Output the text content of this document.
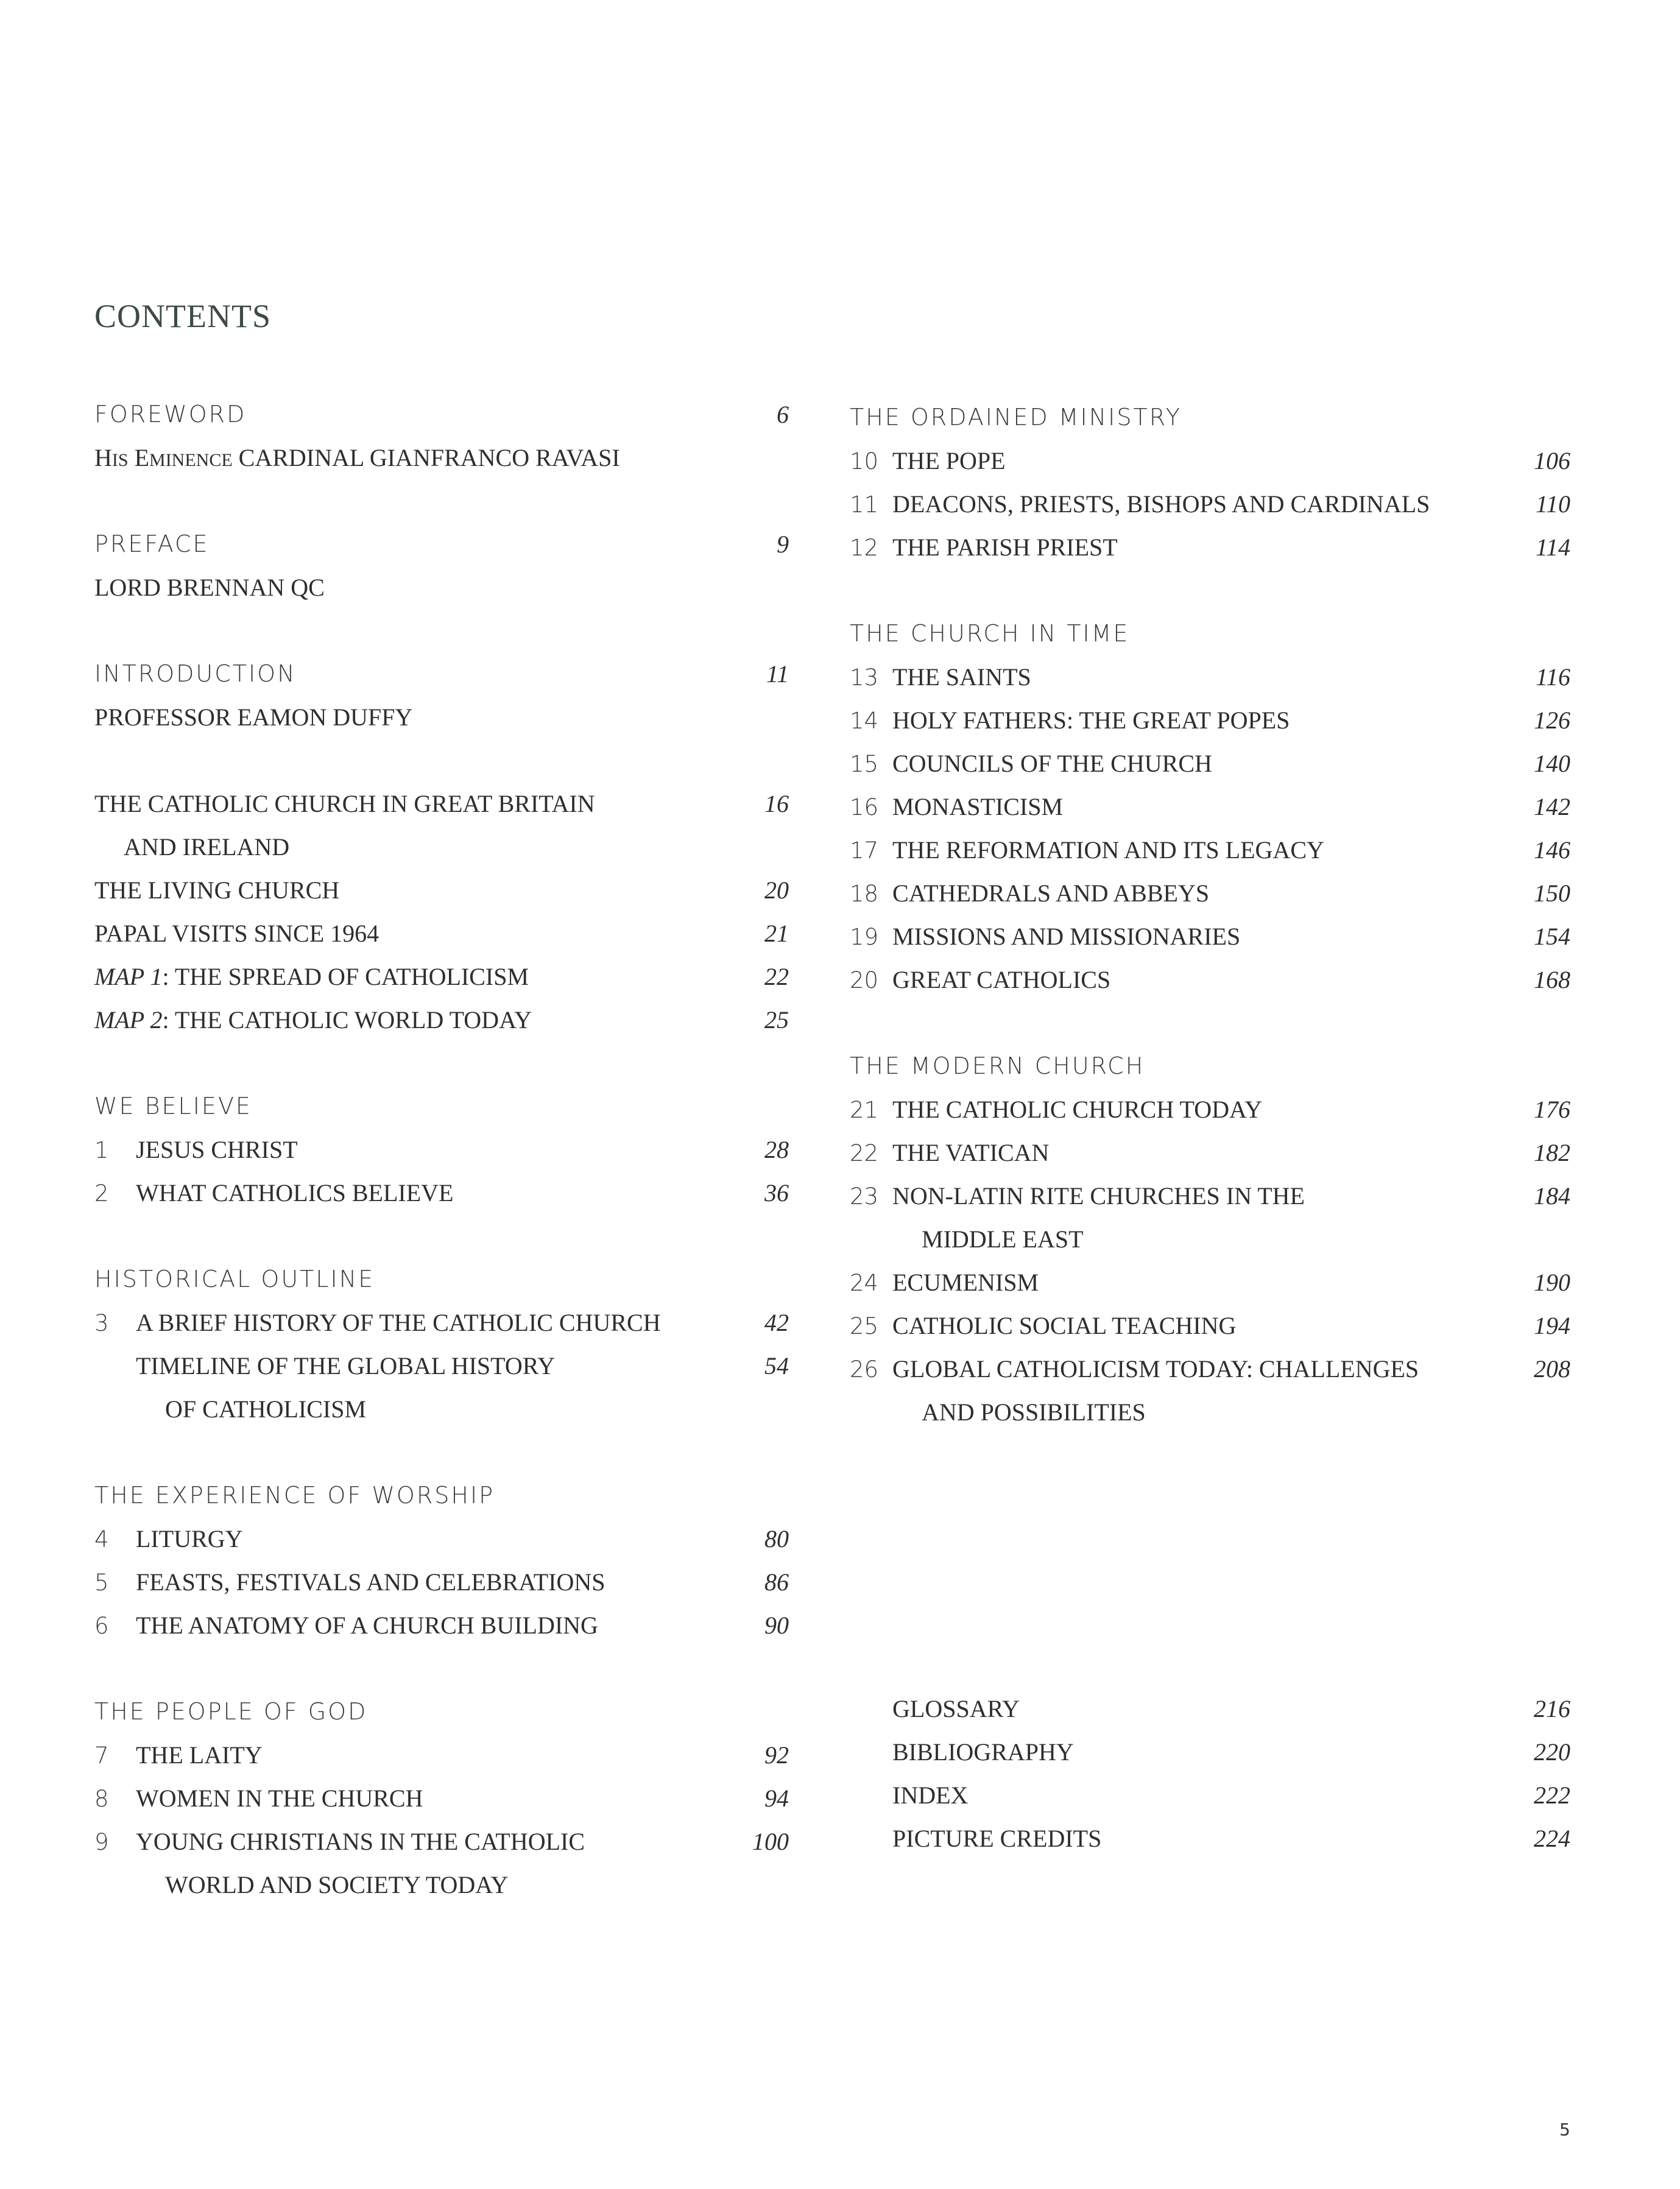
CONTENTS
FOREWORD	6
HIS EMINENCE CARDINAL GIANFRANCO RAVASI
PREFACE	9
LORD BRENNAN QC
INTRODUCTION	11
PROFESSOR EAMON DUFFY
THE CATHOLIC CHURCH IN GREAT BRITAIN	16
AND IRELAND
THE LIVING CHURCH	20
PAPAL VISITS SINCE 1964	21
MAP 1: THE SPREAD OF CATHOLICISM	22
MAP 2: THE CATHOLIC WORLD TODAY	25
WE BELIEVE
1 JESUS CHRIST	28
2 WHAT CATHOLICS BELIEVE	36
HISTORICAL OUTLINE
3 A BRIEF HISTORY OF THE CATHOLIC CHURCH	42
TIMELINE OF THE GLOBAL HISTORY	54
OF CATHOLICISM
THE EXPERIENCE OF WORSHIP
4 LITURGY	80
5 FEASTS, FESTIVALS AND CELEBRATIONS	86
6 THE ANATOMY OF A CHURCH BUILDING	90
THE PEOPLE OF GOD
7 THE LAITY	92
8 WOMEN IN THE CHURCH	94
9 YOUNG CHRISTIANS IN THE CATHOLIC	100
WORLD AND SOCIETY TODAY
THE ORDAINED MINISTRY
10 THE POPE	106
11 DEACONS, PRIESTS, BISHOPS AND CARDINALS	110
12 THE PARISH PRIEST	114
THE CHURCH IN TIME
13 THE SAINTS	116
14 HOLY FATHERS: THE GREAT POPES	126
15 COUNCILS OF THE CHURCH	140
16 MONASTICISM	142
17 THE REFORMATION AND ITS LEGACY	146
18 CATHEDRALS AND ABBEYS	150
19 MISSIONS AND MISSIONARIES	154
20 GREAT CATHOLICS	168
THE MODERN CHURCH
21 THE CATHOLIC CHURCH TODAY	176
22 THE VATICAN	182
23 NON-LATIN RITE CHURCHES IN THE	184
MIDDLE EAST
24 ECUMENISM	190
25 CATHOLIC SOCIAL TEACHING	194
26 GLOBAL CATHOLICISM TODAY: CHALLENGES	208
AND POSSIBILITIES
GLOSSARY	216
BIBLIOGRAPHY	220
INDEX	222
PICTURE CREDITS	224
5
